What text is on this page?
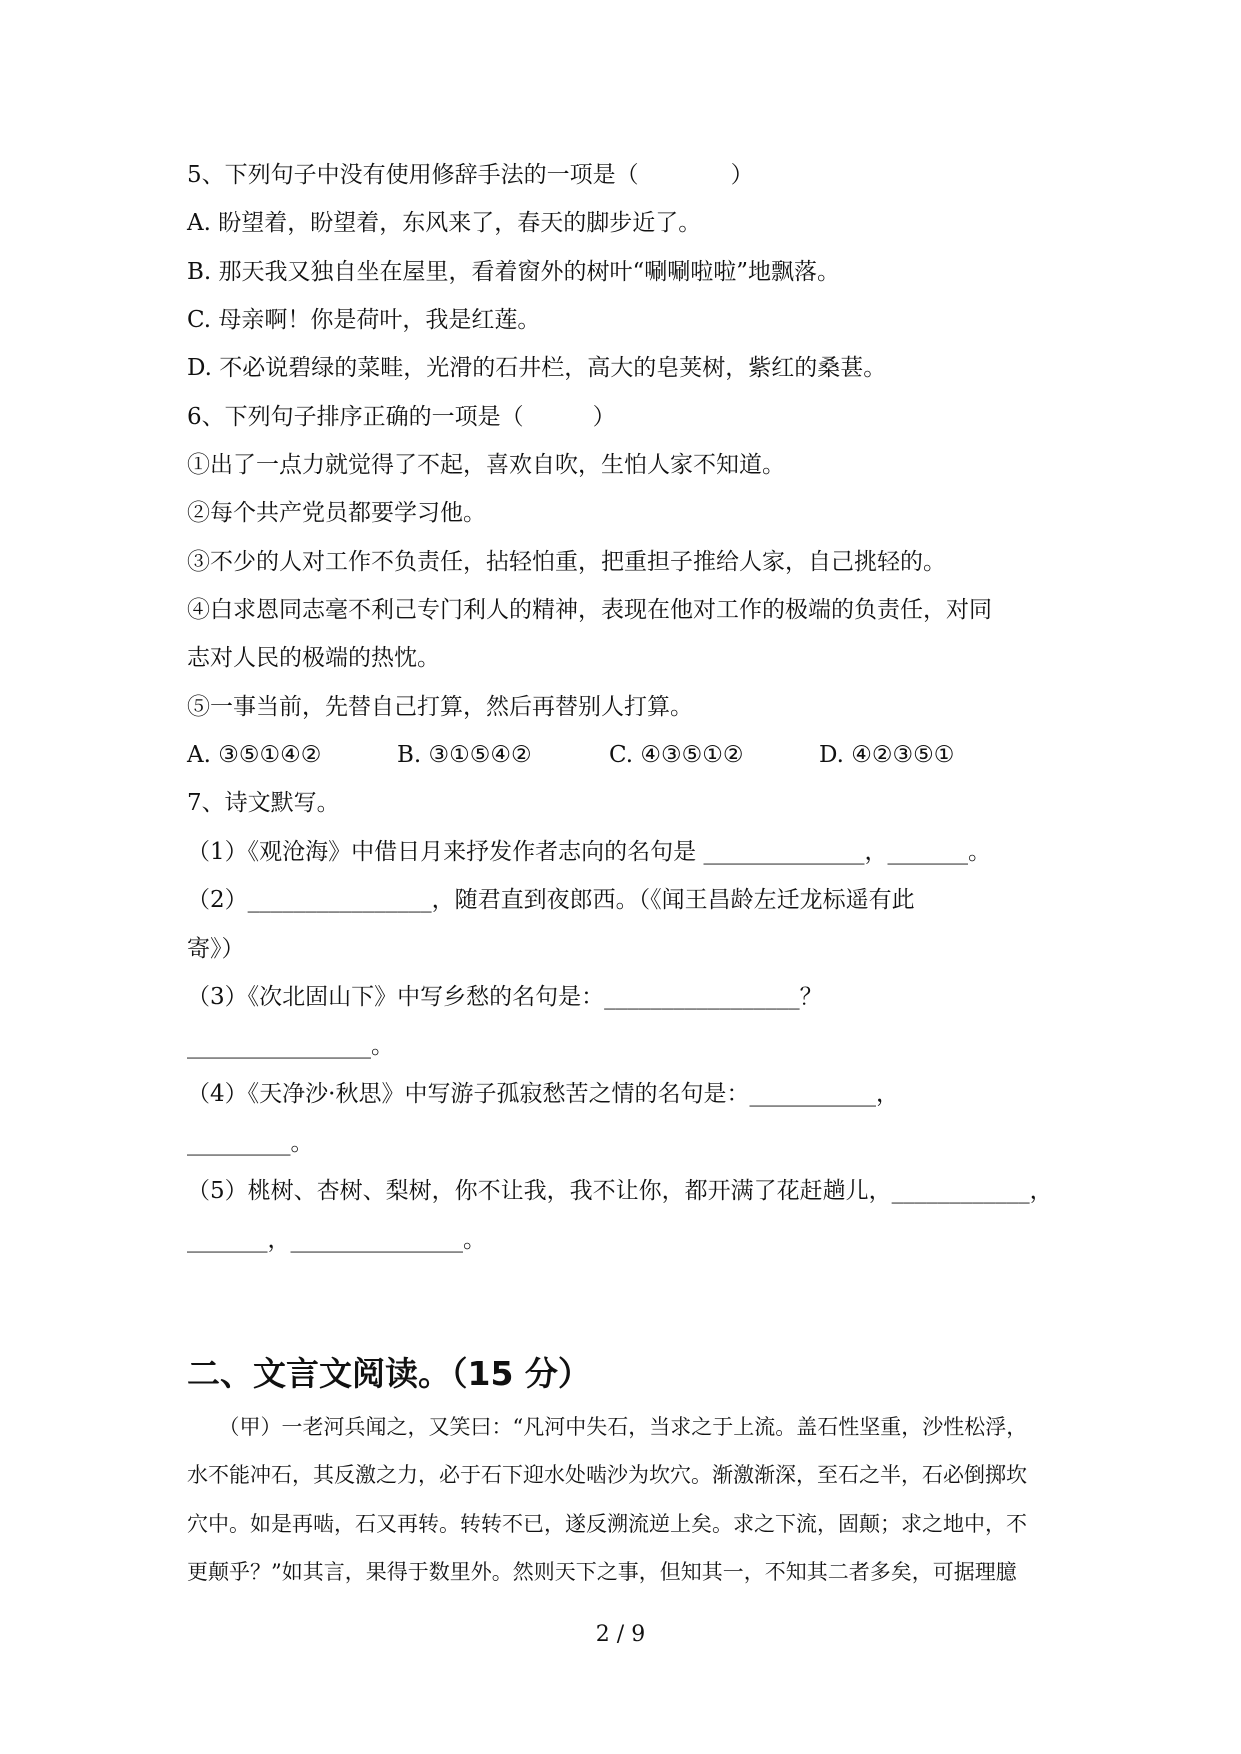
5、下列句子中没有使用修辞手法的一项是（　　　　）
A. 盼望着，盼望着，东风来了，春天的脚步近了。
B. 那天我又独自坐在屋里，看着窗外的树叶“唰唰啦啦”地飘落。
C. 母亲啊！你是荷叶，我是红莲。
D. 不必说碧绿的菜畦，光滑的石井栏，高大的皂荚树，紫红的桑葚。
6、下列句子排序正确的一项是（　　　）
①出了一点力就觉得了不起，喜欢自吹，生怕人家不知道。
②每个共产党员都要学习他。
③不少的人对工作不负责任，拈轻怕重，把重担子推给人家，自己挑轻的。
④白求恩同志毫不利己专门利人的精神，表现在他对工作的极端的负责任，对同
志对人民的极端的热忱。
⑤一事当前，先替自己打算，然后再替别人打算。
A. ③⑤①④②	B. ③①⑤④②	C. ④③⑤①②	D. ④②③⑤①
7、诗文默写。
（1）《观沧海》中借日月来抒发作者志向的名句是 ______________，_______。
（2）________________，随君直到夜郎西。（《闻王昌龄左迁龙标遥有此
寄》）
（3）《次北固山下》中写乡愁的名句是：_________________？
________________。
（4）《天净沙·秋思》中写游子孤寂愁苦之情的名句是：___________，
_________。
（5）桃树、杏树、梨树，你不让我，我不让你，都开满了花赶趟儿，____________，
_______，_______________。
二、文言文阅读。（15 分）
　　（甲）一老河兵闻之，又笑曰：“凡河中失石，当求之于上流。盖石性坚重，沙性松浮，
水不能冲石，其反激之力，必于石下迎水处啮沙为坎穴。渐激渐深，至石之半，石必倒掷坎
穴中。如是再啮，石又再转。转转不已，遂反溯流逆上矣。求之下流，固颠；求之地中，不
更颠乎？”如其言，果得于数里外。然则天下之事，但知其一，不知其二者多矣，可据理臆
2 / 9
